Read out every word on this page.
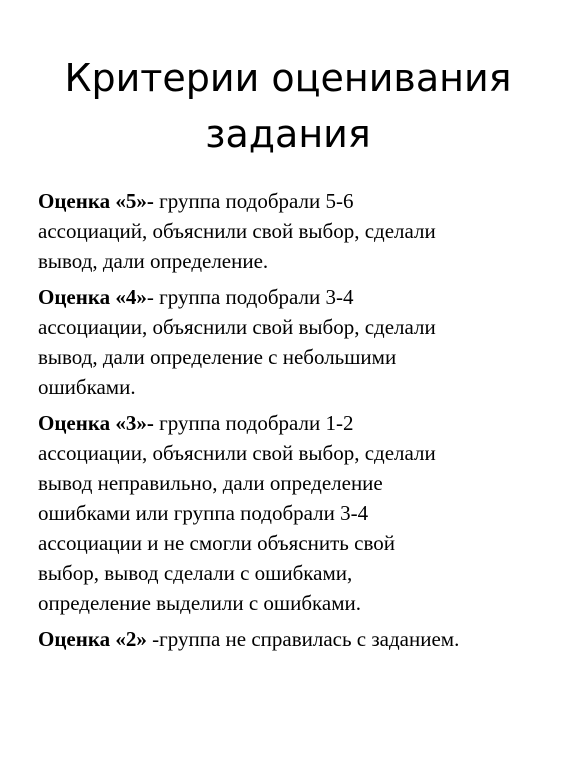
Критерии оценивания
задания

Оценка «5»- группа подобрали 5-6
ассоциаций, объяснили свой выбор, сделали
вывод, дали определение.

Оценка «4»- группа подобрали 3-4
ассоциации, объяснили свой выбор, сделали
вывод, дали определение с небольшими
ошибками.

Оценка «3»- группа подобрали 1-2
ассоциации, объяснили свой выбор, сделали
вывод неправильно, дали определение
ошибками или группа подобрали 3-4
ассоциации и не смогли объяснить свой
выбор, вывод сделали с ошибками,
определение выделили с ошибками.

Оценка «2» -группа не справилась с заданием.
